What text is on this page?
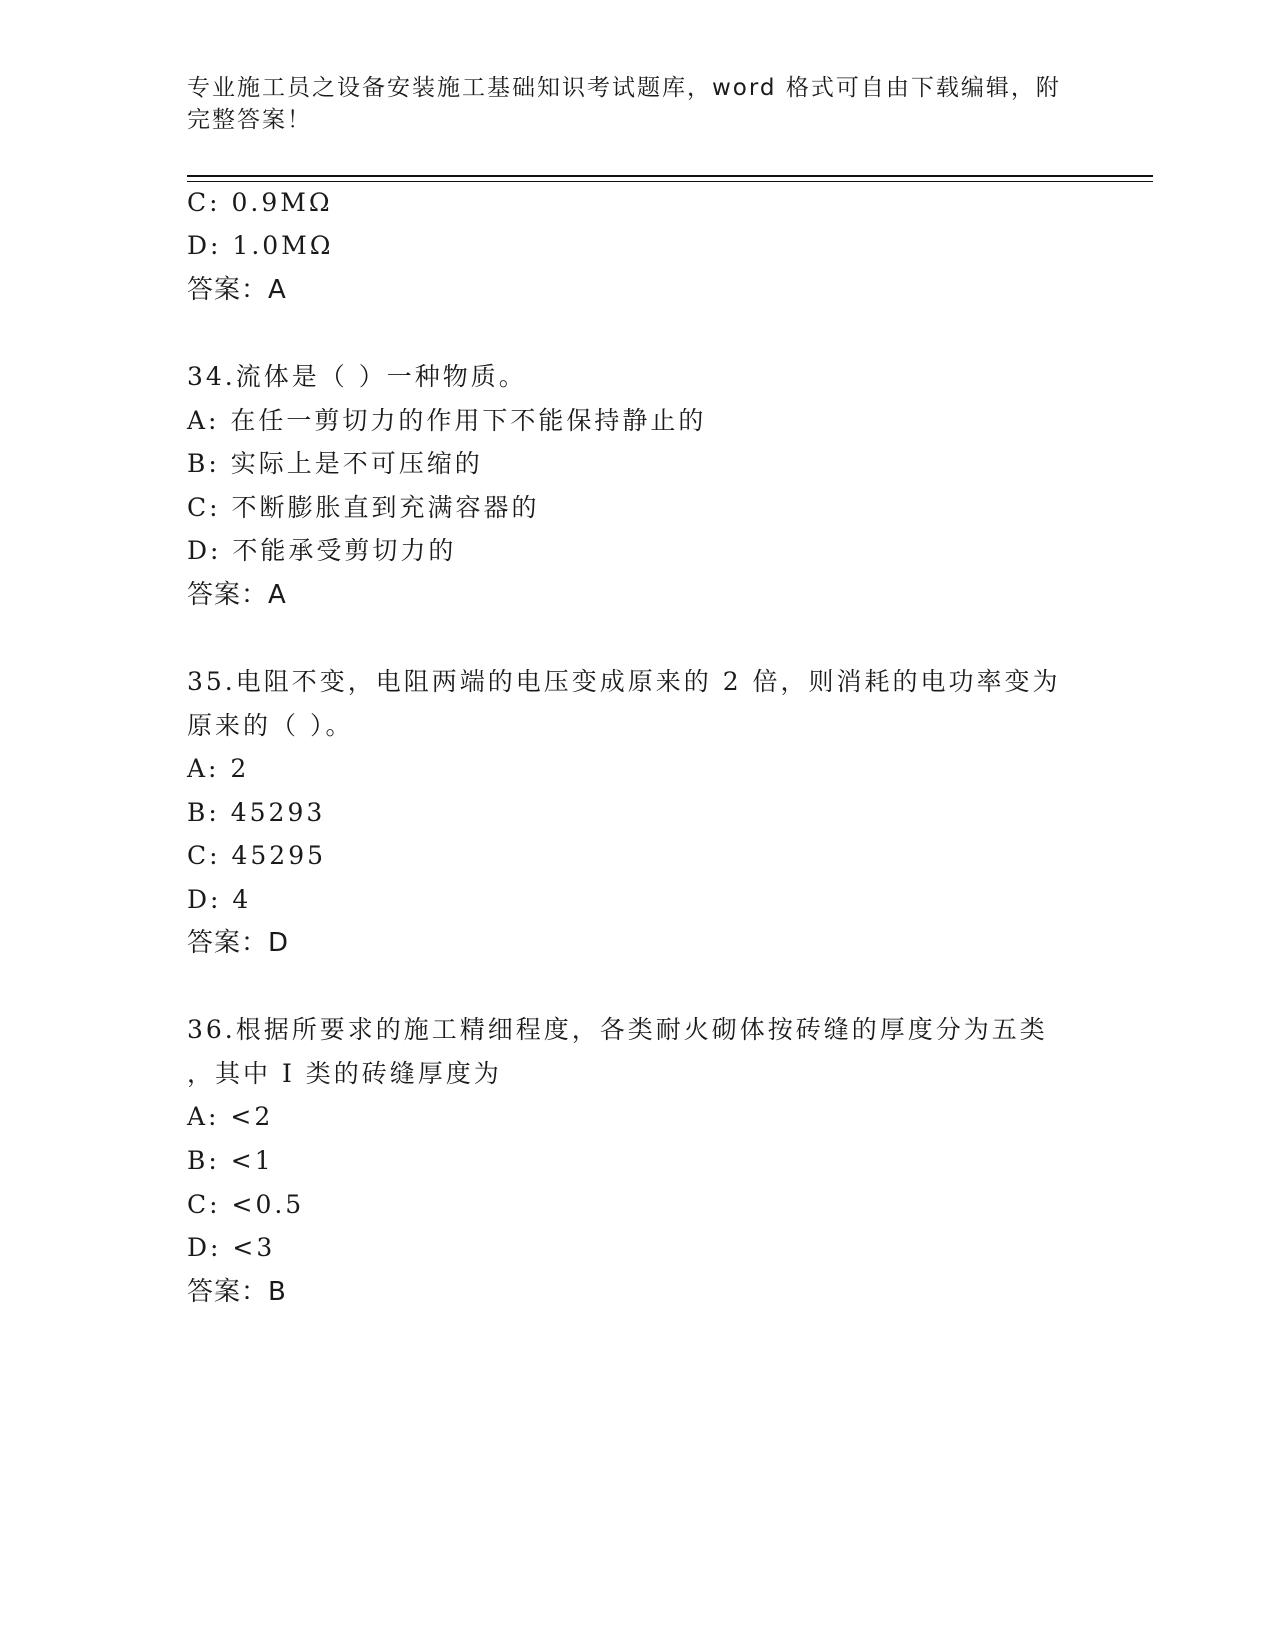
专业施工员之设备安装施工基础知识考试题库，word 格式可自由下载编辑，附完整答案！
C: 0.9MΩ
D: 1.0MΩ
答案：A
34.流体是（ ）一种物质。
A: 在任一剪切力的作用下不能保持静止的
B: 实际上是不可压缩的
C: 不断膨胀直到充满容器的
D: 不能承受剪切力的
答案：A
35.电阻不变，电阻两端的电压变成原来的 2 倍，则消耗的电功率变为
原来的（ ）。
A: 2
B: 45293
C: 45295
D: 4
答案：D
36.根据所要求的施工精细程度，各类耐火砌体按砖缝的厚度分为五类
，其中 I 类的砖缝厚度为
A: <2
B: <1
C: <0.5
D: <3
答案：B
